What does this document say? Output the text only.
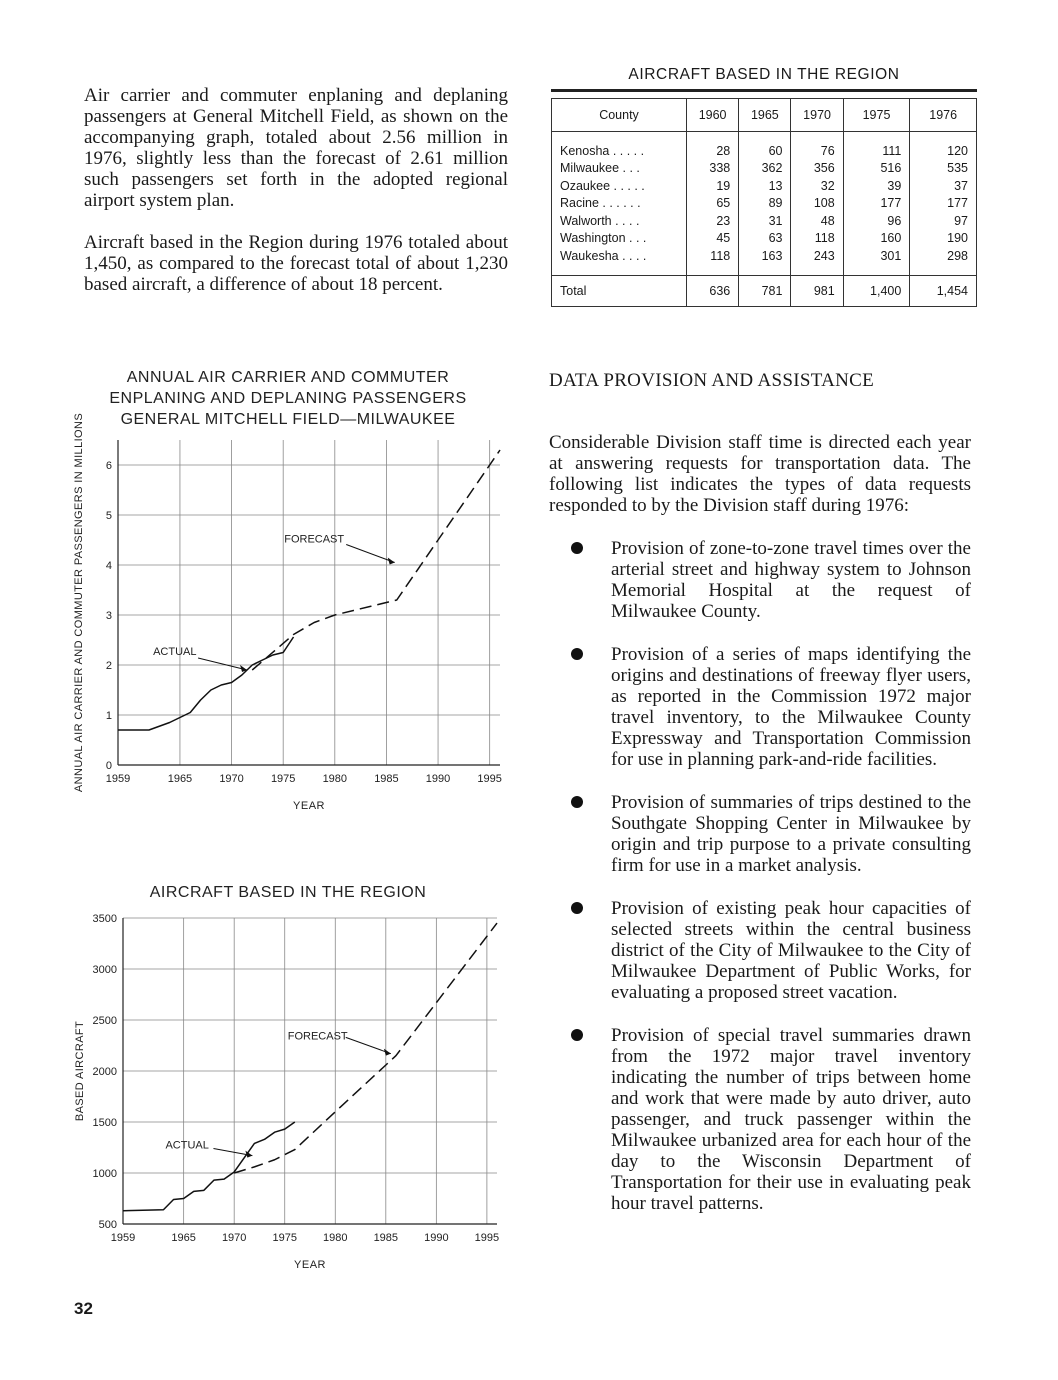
Air carrier and commuter enplaning and deplaning passengers at General Mitchell Field, as shown on the accompanying graph, totaled about 2.56 million in 1976, slightly less than the forecast of 2.61 million such passengers set forth in the adopted regional airport system plan.

Aircraft based in the Region during 1976 totaled about 1,450, as compared to the forecast total of about 1,230 based aircraft, a difference of about 18 percent.

AIRCRAFT BASED IN THE REGION
County	1960	1965	1970	1975	1976
Kenosha . . . . .	28	60	76	111	120
Milwaukee . . .	338	362	356	516	535
Ozaukee . . . . .	19	13	32	39	37
Racine . . . . . .	65	89	108	177	177
Walworth . . . .	23	31	48	96	97
Washington . . .	45	63	118	160	190
Waukesha . . . .	118	163	243	301	298
Total	636	781	981	1,400	1,454
1959	1965 1970 1975 1980 1985 1990 1995
0
1
2
3
4
5
6
YEAR
ANNUAL AIR CARRIER AND COMMUTER PASSENGERS IN MILLIONS
ANNUAL AIR CARRIER AND COMMUTER
ENPLANING AND DEPLANING PASSENGERS
GENERAL MITCHELL FIELD—MILWAUKEE
ACTUAL
FORECAST
1959	1965 1970 1975 1980 1985 1990 1995
500
1000
1500
2000
2500
3000
3500
YEAR
BASED AIRCRAFT
AIRCRAFT BASED IN THE REGION
ACTUAL
FORECAST
DATA PROVISION AND ASSISTANCE

Considerable Division staff time is directed each year at answering requests for transportation data. The following list indicates the types of data requests responded to by the Division staff during 1976:

Provision of zone-to-zone travel times over the arterial street and highway system to Johnson Memorial Hospital at the request of Milwaukee County.
Provision of a series of maps identifying the origins and destinations of freeway flyer users, as reported in the Commission 1972 major travel inventory, to the Milwaukee County Expressway and Transportation Commission for use in planning park-and-ride facilities.
Provision of summaries of trips destined to the Southgate Shopping Center in Milwaukee by origin and trip purpose to a private consulting firm for use in a market analysis.
Provision of existing peak hour capacities of selected streets within the central business district of the City of Milwaukee to the City of Milwaukee Department of Public Works, for evaluating a proposed street vacation.
Provision of special travel summaries drawn from the 1972 major travel inventory indicating the number of trips between home and work that were made by auto driver, auto passenger, and truck passenger within the Milwaukee urbanized area for each hour of the day to the Wisconsin Department of Transportation for their use in evaluating peak hour travel patterns.
32
